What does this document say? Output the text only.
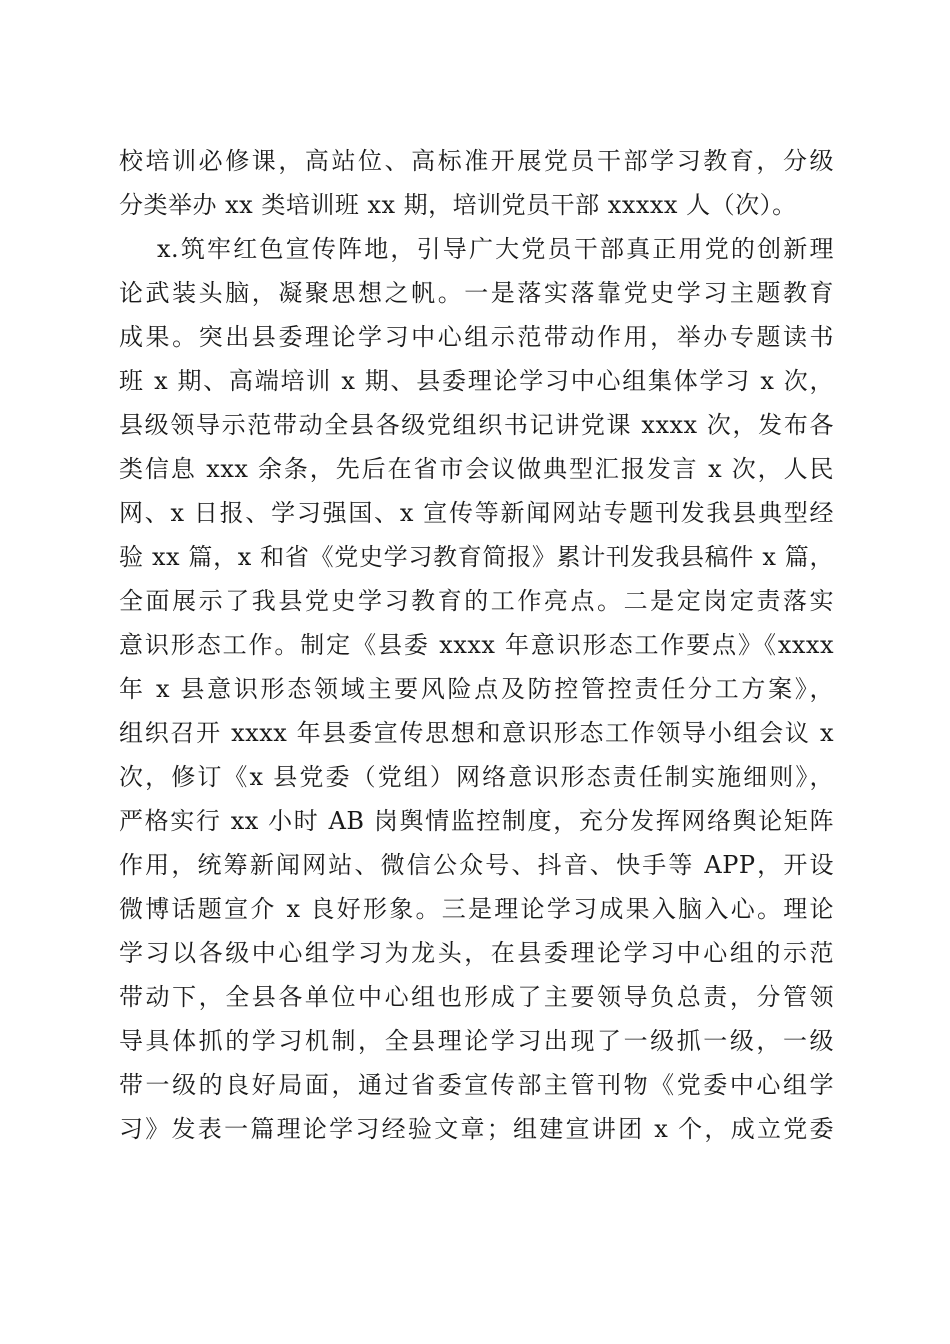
校培训必修课，高站位、高标准开展党员干部学习教育，分级
分类举办 xx 类培训班 xx 期，培训党员干部 xxxxx 人（次）。
x.筑牢红色宣传阵地，引导广大党员干部真正用党的创新理
论武装头脑，凝聚思想之帆。一是落实落靠党史学习主题教育
成果。突出县委理论学习中心组示范带动作用，举办专题读书
班 x 期、高端培训 x 期、县委理论学习中心组集体学习 x 次，
县级领导示范带动全县各级党组织书记讲党课 xxxx 次，发布各
类信息 xxx 余条，先后在省市会议做典型汇报发言 x 次，人民
网、x 日报、学习强国、x 宣传等新闻网站专题刊发我县典型经
验 xx 篇，x 和省《党史学习教育简报》累计刊发我县稿件 x 篇，
全面展示了我县党史学习教育的工作亮点。二是定岗定责落实
意识形态工作。制定《县委 xxxx 年意识形态工作要点》《xxxx
年 x 县意识形态领域主要风险点及防控管控责任分工方案》，
组织召开 xxxx 年县委宣传思想和意识形态工作领导小组会议 x
次，修订《x 县党委（党组）网络意识形态责任制实施细则》，
严格实行 xx 小时 AB 岗舆情监控制度，充分发挥网络舆论矩阵
作用，统筹新闻网站、微信公众号、抖音、快手等 APP，开设
微博话题宣介 x 良好形象。三是理论学习成果入脑入心。理论
学习以各级中心组学习为龙头，在县委理论学习中心组的示范
带动下，全县各单位中心组也形成了主要领导负总责，分管领
导具体抓的学习机制，全县理论学习出现了一级抓一级，一级
带一级的良好局面，通过省委宣传部主管刊物《党委中心组学
习》发表一篇理论学习经验文章；组建宣讲团 x 个，成立党委
